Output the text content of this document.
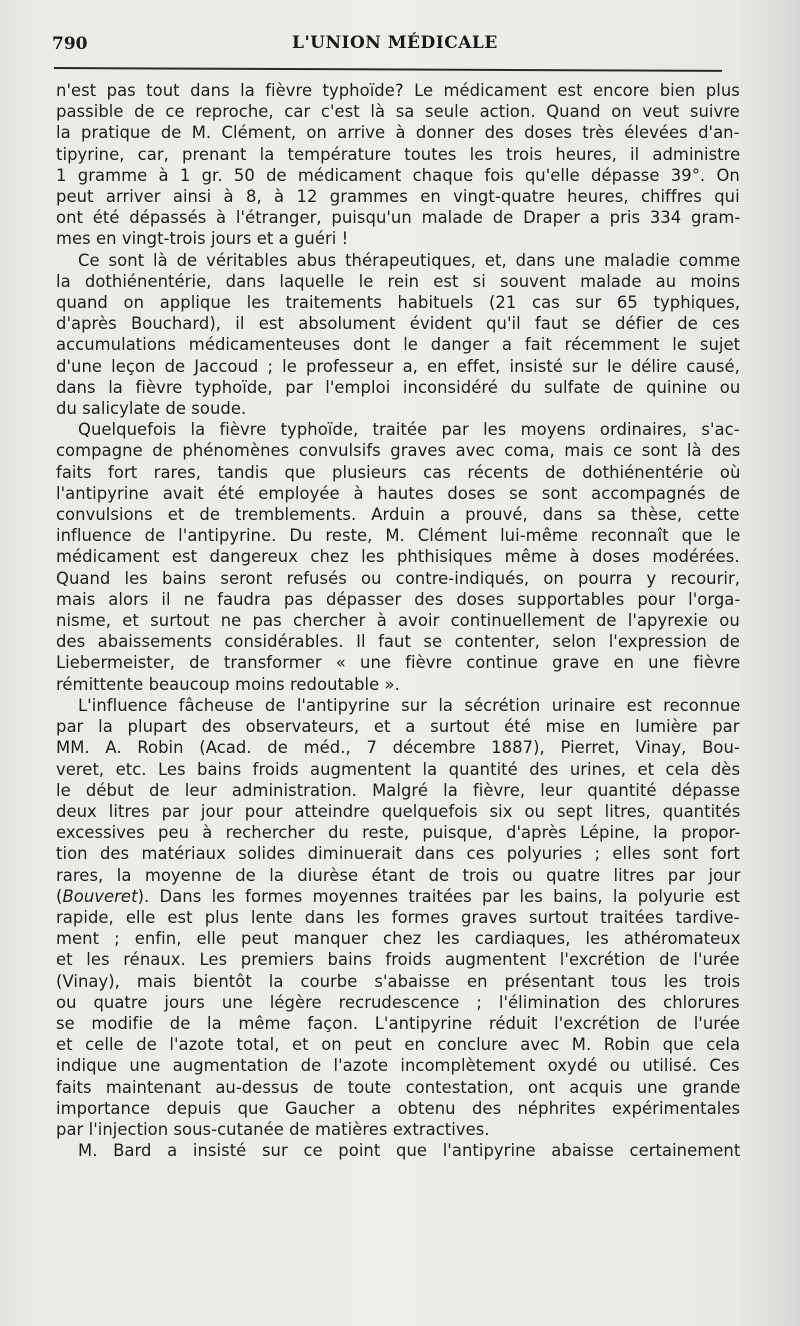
790	L'UNION MÉDICALE
n'est pas tout dans la fièvre typhoïde? Le médicament est encore bien plus
passible de ce reproche, car c'est là sa seule action. Quand on veut suivre
la pratique de M. Clément, on arrive à donner des doses très élevées d'an-
tipyrine, car, prenant la température toutes les trois heures, il administre
1 gramme à 1 gr. 50 de médicament chaque fois qu'elle dépasse 39°. On
peut arriver ainsi à 8, à 12 grammes en vingt-quatre heures, chiffres qui
ont été dépassés à l'étranger, puisqu'un malade de Draper a pris 334 gram-
mes en vingt-trois jours et a guéri !
Ce sont là de véritables abus thérapeutiques, et, dans une maladie comme
la dothiénentérie, dans laquelle le rein est si souvent malade au moins
quand on applique les traitements habituels (21 cas sur 65 typhiques,
d'après Bouchard), il est absolument évident qu'il faut se défier de ces
accumulations médicamenteuses dont le danger a fait récemment le sujet
d'une leçon de Jaccoud ; le professeur a, en effet, insisté sur le délire causé,
dans la fièvre typhoïde, par l'emploi inconsidéré du sulfate de quinine ou
du salicylate de soude.
Quelquefois la fièvre typhoïde, traitée par les moyens ordinaires, s'ac-
compagne de phénomènes convulsifs graves avec coma, mais ce sont là des
faits fort rares, tandis que plusieurs cas récents de dothiénentérie où
l'antipyrine avait été employée à hautes doses se sont accompagnés de
convulsions et de tremblements. Arduin a prouvé, dans sa thèse, cette
influence de l'antipyrine. Du reste, M. Clément lui-même reconnaît que le
médicament est dangereux chez les phthisiques même à doses modérées.
Quand les bains seront refusés ou contre-indiqués, on pourra y recourir,
mais alors il ne faudra pas dépasser des doses supportables pour l'orga-
nisme, et surtout ne pas chercher à avoir continuellement de l'apyrexie ou
des abaissements considérables. Il faut se contenter, selon l'expression de
Liebermeister, de transformer « une fièvre continue grave en une fièvre
rémittente beaucoup moins redoutable ».
L'influence fâcheuse de l'antipyrine sur la sécrétion urinaire est reconnue
par la plupart des observateurs, et a surtout été mise en lumière par
MM. A. Robin (Acad. de méd., 7 décembre 1887), Pierret, Vinay, Bou-
veret, etc. Les bains froids augmentent la quantité des urines, et cela dès
le début de leur administration. Malgré la fièvre, leur quantité dépasse
deux litres par jour pour atteindre quelquefois six ou sept litres, quantités
excessives peu à rechercher du reste, puisque, d'après Lépine, la propor-
tion des matériaux solides diminuerait dans ces polyuries ; elles sont fort
rares, la moyenne de la diurèse étant de trois ou quatre litres par jour
(Bouveret). Dans les formes moyennes traitées par les bains, la polyurie est
rapide, elle est plus lente dans les formes graves surtout traitées tardive-
ment ; enfin, elle peut manquer chez les cardiaques, les athéromateux
et les rénaux. Les premiers bains froids augmentent l'excrétion de l'urée
(Vinay), mais bientôt la courbe s'abaisse en présentant tous les trois
ou quatre jours une légère recrudescence ; l'élimination des chlorures
se modifie de la même façon. L'antipyrine réduit l'excrétion de l'urée
et celle de l'azote total, et on peut en conclure avec M. Robin que cela
indique une augmentation de l'azote incomplètement oxydé ou utilisé. Ces
faits maintenant au-dessus de toute contestation, ont acquis une grande
importance depuis que Gaucher a obtenu des néphrites expérimentales
par l'injection sous-cutanée de matières extractives.
M. Bard a insisté sur ce point que l'antipyrine abaisse certainement
